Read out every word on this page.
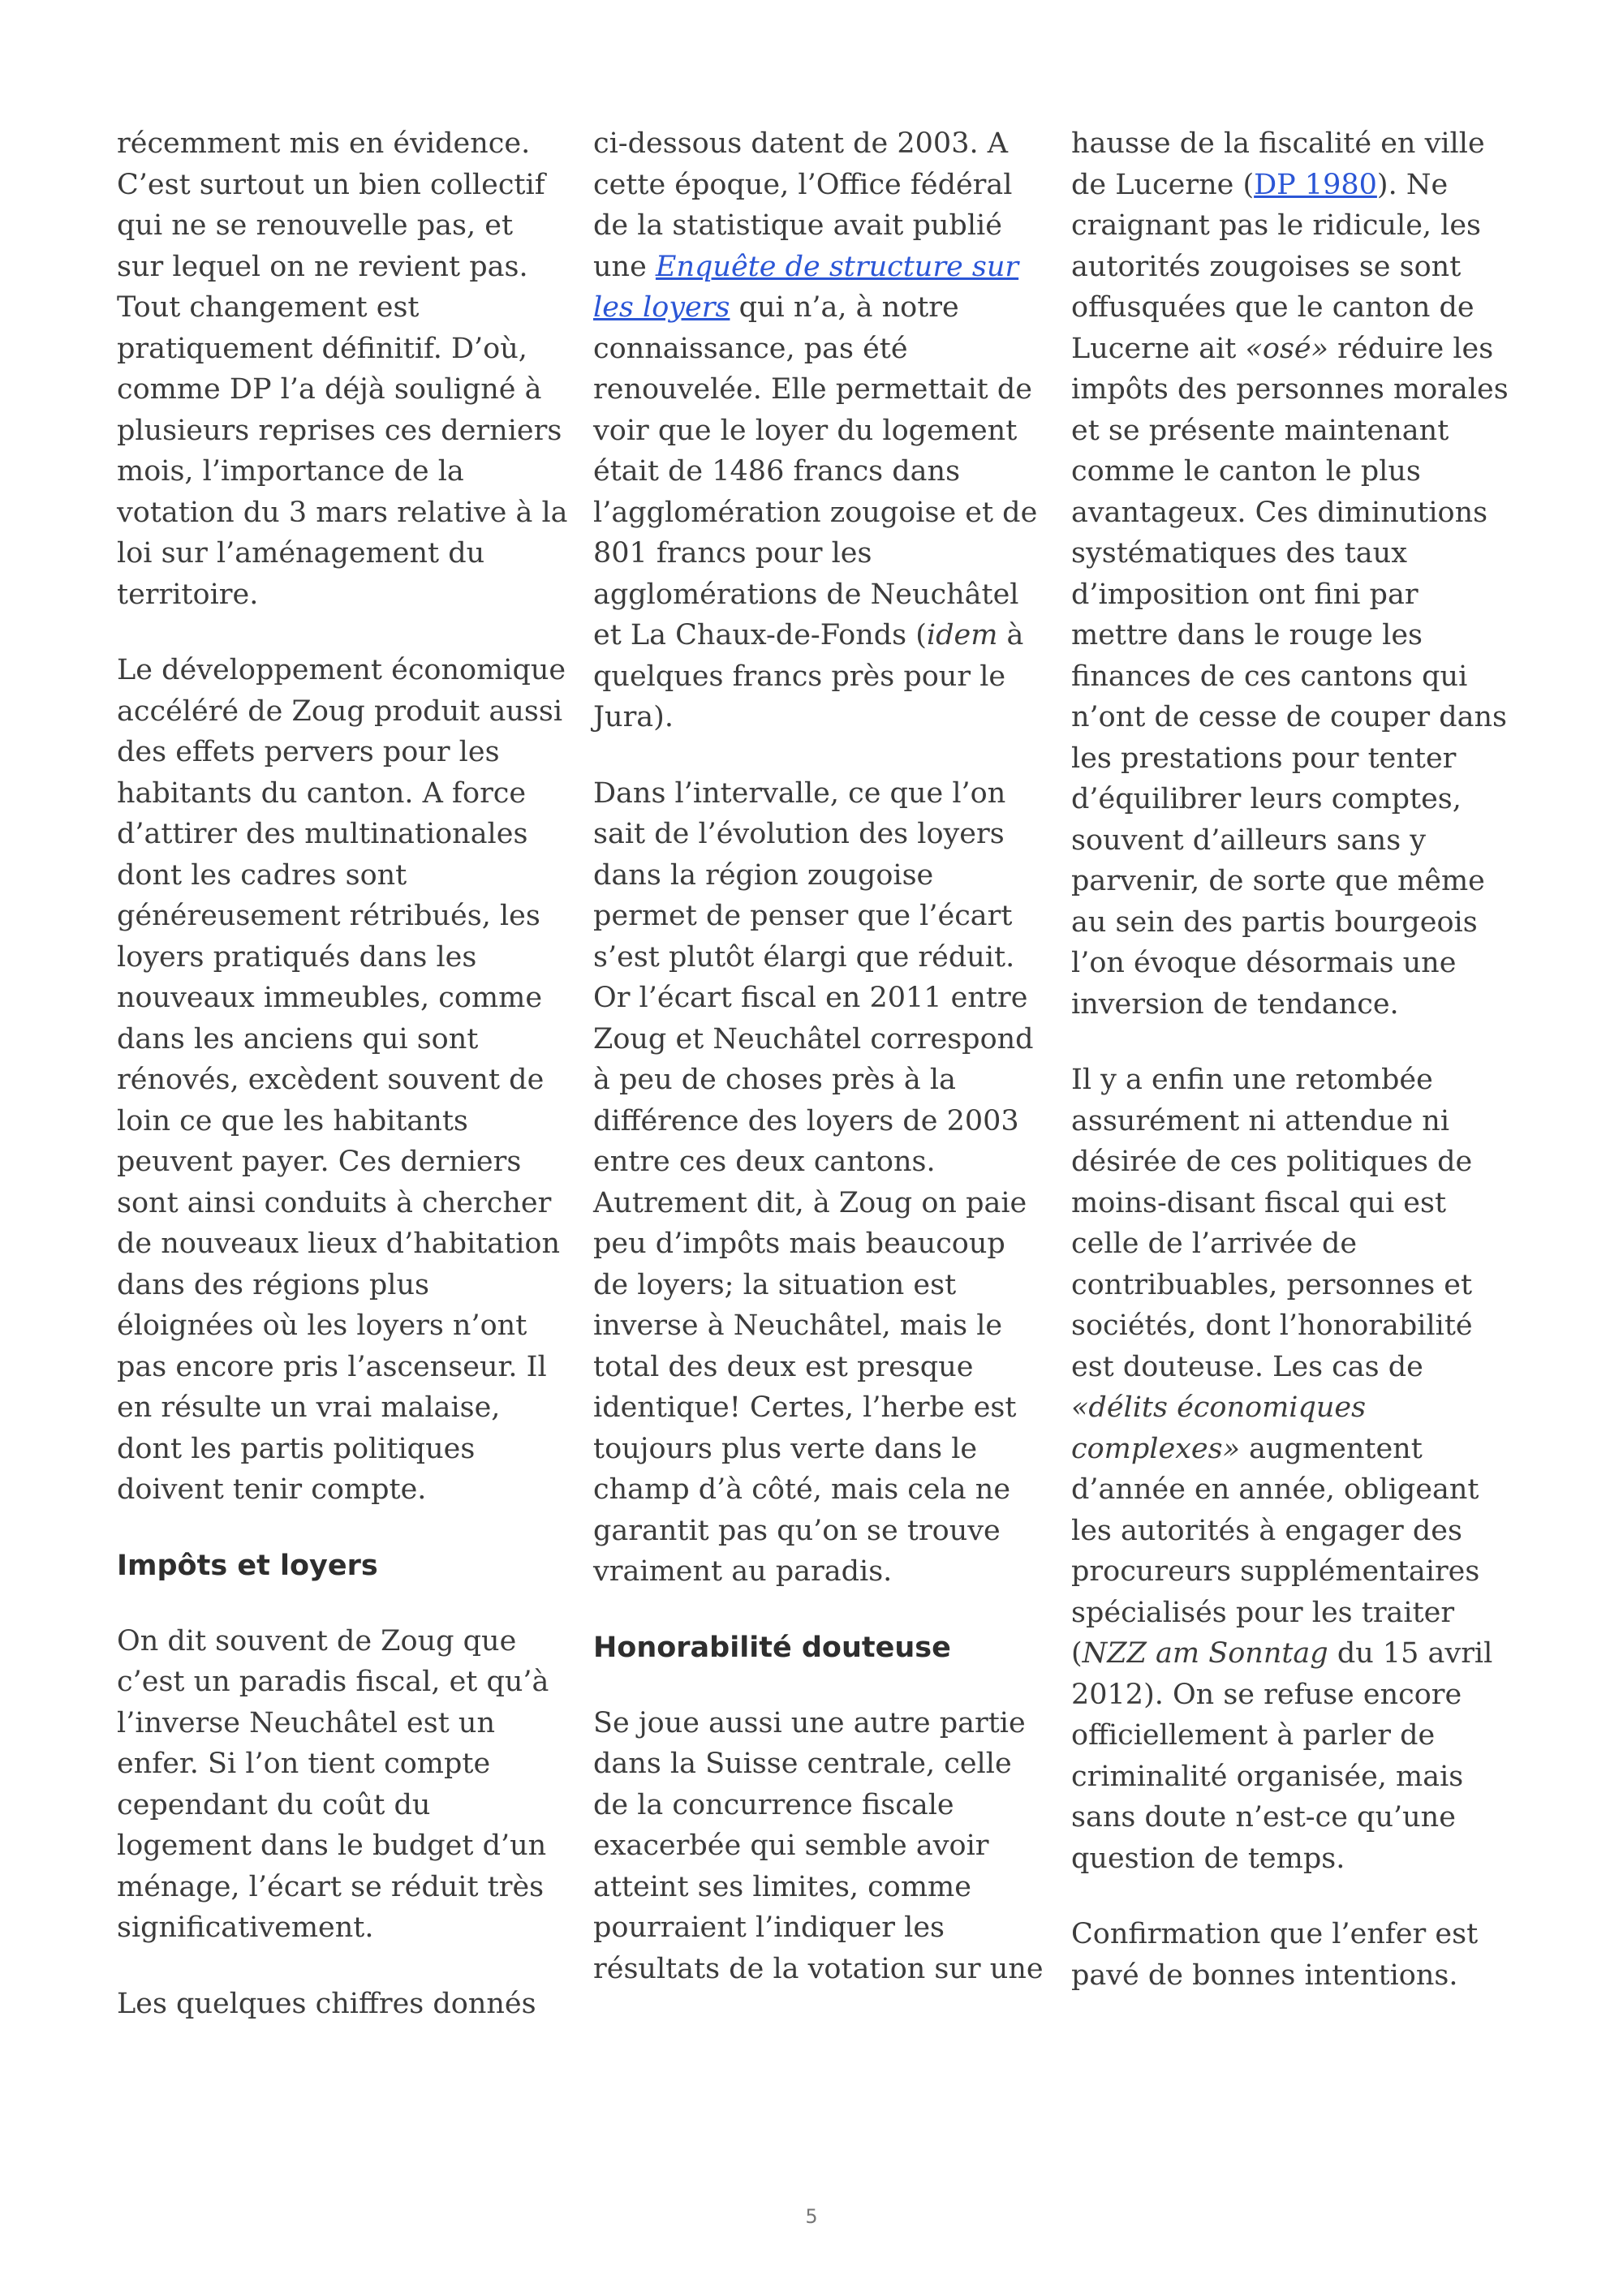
récemment mis en évidence. C’est surtout un bien collectif qui ne se renouvelle pas, et sur lequel on ne revient pas. Tout changement est pratiquement définitif. D’où, comme DP l’a déjà souligné à plusieurs reprises ces derniers mois, l’importance de la votation du 3 mars relative à la loi sur l’aménagement du territoire.

Le développement économique accéléré de Zoug produit aussi des effets pervers pour les habitants du canton. A force d’attirer des multinationales dont les cadres sont généreusement rétribués, les loyers pratiqués dans les nouveaux immeubles, comme dans les anciens qui sont rénovés, excèdent souvent de loin ce que les habitants peuvent payer. Ces derniers sont ainsi conduits à chercher de nouveaux lieux d’habitation dans des régions plus éloignées où les loyers n’ont pas encore pris l’ascenseur. Il en résulte un vrai malaise, dont les partis politiques doivent tenir compte.

Impôts et loyers

On dit souvent de Zoug que c’est un paradis fiscal, et qu’à l’inverse Neuchâtel est un enfer. Si l’on tient compte cependant du coût du logement dans le budget d’un ménage, l’écart se réduit très significativement.

Les quelques chiffres donnés

ci-dessous datent de 2003. A cette époque, l’Office fédéral de la statistique avait publié une Enquête de structure sur les loyers qui n’a, à notre connaissance, pas été renouvelée. Elle permettait de voir que le loyer du logement était de 1486 francs dans l’agglomération zougoise et de 801 francs pour les agglomérations de Neuchâtel et La Chaux-de-Fonds (idem à quelques francs près pour le Jura).

Dans l’intervalle, ce que l’on sait de l’évolution des loyers dans la région zougoise permet de penser que l’écart s’est plutôt élargi que réduit. Or l’écart fiscal en 2011 entre Zoug et Neuchâtel correspond à peu de choses près à la différence des loyers de 2003 entre ces deux cantons. Autrement dit, à Zoug on paie peu d’impôts mais beaucoup de loyers; la situation est inverse à Neuchâtel, mais le total des deux est presque identique! Certes, l’herbe est toujours plus verte dans le champ d’à côté, mais cela ne garantit pas qu’on se trouve vraiment au paradis.

Honorabilité douteuse

Se joue aussi une autre partie dans la Suisse centrale, celle de la concurrence fiscale exacerbée qui semble avoir atteint ses limites, comme pourraient l’indiquer les résultats de la votation sur une

hausse de la fiscalité en ville de Lucerne (DP 1980). Ne craignant pas le ridicule, les autorités zougoises se sont offusquées que le canton de Lucerne ait «osé» réduire les impôts des personnes morales et se présente maintenant comme le canton le plus avantageux. Ces diminutions systématiques des taux d’imposition ont fini par mettre dans le rouge les finances de ces cantons qui n’ont de cesse de couper dans les prestations pour tenter d’équilibrer leurs comptes, souvent d’ailleurs sans y parvenir, de sorte que même au sein des partis bourgeois l’on évoque désormais une inversion de tendance.

Il y a enfin une retombée assurément ni attendue ni désirée de ces politiques de moins-disant fiscal qui est celle de l’arrivée de contribuables, personnes et sociétés, dont l’honorabilité est douteuse. Les cas de «délits économiques complexes» augmentent d’année en année, obligeant les autorités à engager des procureurs supplémentaires spécialisés pour les traiter (NZZ am Sonntag du 15 avril 2012). On se refuse encore officiellement à parler de criminalité organisée, mais sans doute n’est-ce qu’une question de temps.

Confirmation que l’enfer est pavé de bonnes intentions.

5
